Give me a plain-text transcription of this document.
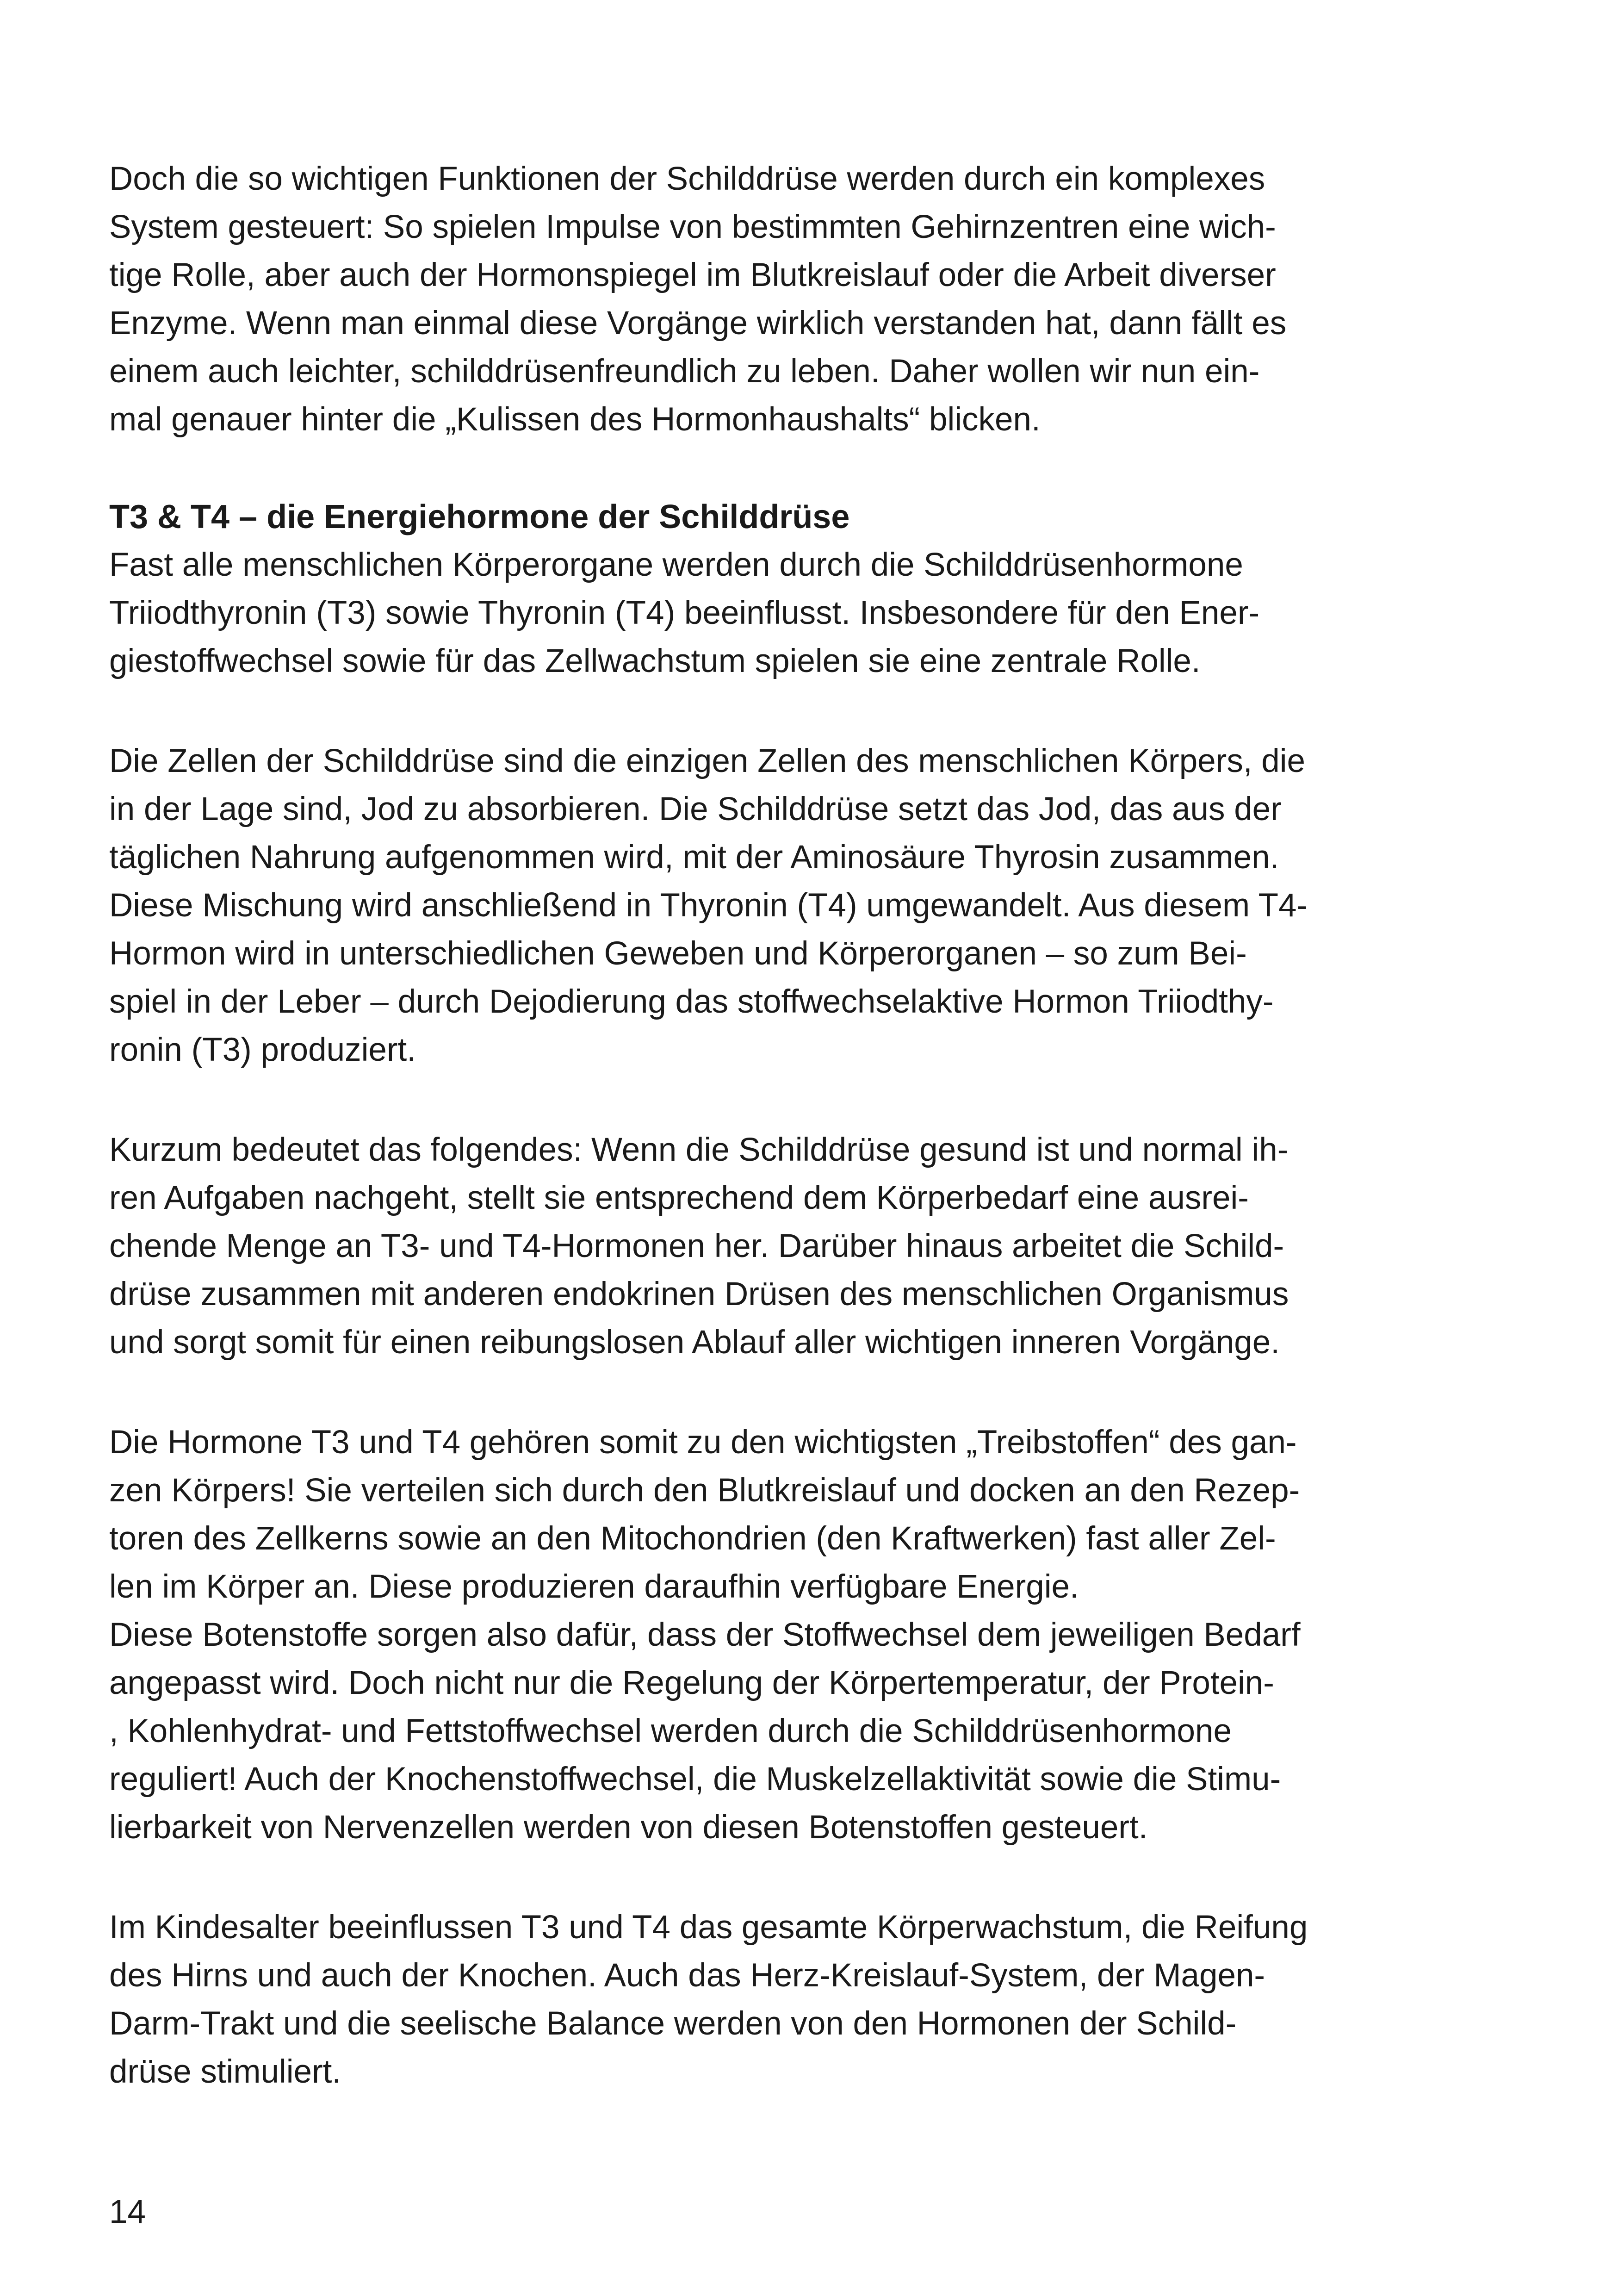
Doch die so wichtigen Funktionen der Schilddrüse werden durch ein komplexes
System gesteuert: So spielen Impulse von bestimmten Gehirnzentren eine wich-
tige Rolle, aber auch der Hormonspiegel im Blutkreislauf oder die Arbeit diverser
Enzyme. Wenn man einmal diese Vorgänge wirklich verstanden hat, dann fällt es
einem auch leichter, schilddrüsenfreundlich zu leben. Daher wollen wir nun ein-
mal genauer hinter die „Kulissen des Hormonhaushalts“ blicken.

T3 & T4 – die Energiehormone der Schilddrüse

Fast alle menschlichen Körperorgane werden durch die Schilddrüsenhormone
Triiodthyronin (T3) sowie Thyronin (T4) beeinflusst. Insbesondere für den Ener-
giestoffwechsel sowie für das Zellwachstum spielen sie eine zentrale Rolle.

Die Zellen der Schilddrüse sind die einzigen Zellen des menschlichen Körpers, die
in der Lage sind, Jod zu absorbieren. Die Schilddrüse setzt das Jod, das aus der
täglichen Nahrung aufgenommen wird, mit der Aminosäure Thyrosin zusammen.
Diese Mischung wird anschließend in Thyronin (T4) umgewandelt. Aus diesem T4-
Hormon wird in unterschiedlichen Geweben und Körperorganen – so zum Bei-
spiel in der Leber – durch Dejodierung das stoffwechselaktive Hormon Triiodthy-
ronin (T3) produziert.

Kurzum bedeutet das folgendes: Wenn die Schilddrüse gesund ist und normal ih-
ren Aufgaben nachgeht, stellt sie entsprechend dem Körperbedarf eine ausrei-
chende Menge an T3- und T4-Hormonen her. Darüber hinaus arbeitet die Schild-
drüse zusammen mit anderen endokrinen Drüsen des menschlichen Organismus
und sorgt somit für einen reibungslosen Ablauf aller wichtigen inneren Vorgänge.

Die Hormone T3 und T4 gehören somit zu den wichtigsten „Treibstoffen“ des gan-
zen Körpers! Sie verteilen sich durch den Blutkreislauf und docken an den Rezep-
toren des Zellkerns sowie an den Mitochondrien (den Kraftwerken) fast aller Zel-
len im Körper an. Diese produzieren daraufhin verfügbare Energie.
Diese Botenstoffe sorgen also dafür, dass der Stoffwechsel dem jeweiligen Bedarf
angepasst wird. Doch nicht nur die Regelung der Körpertemperatur, der Protein-
, Kohlenhydrat- und Fettstoffwechsel werden durch die Schilddrüsenhormone
reguliert! Auch der Knochenstoffwechsel, die Muskelzellaktivität sowie die Stimu-
lierbarkeit von Nervenzellen werden von diesen Botenstoffen gesteuert.

Im Kindesalter beeinflussen T3 und T4 das gesamte Körperwachstum, die Reifung
des Hirns und auch der Knochen. Auch das Herz-Kreislauf-System, der Magen-
Darm-Trakt und die seelische Balance werden von den Hormonen der Schild-
drüse stimuliert.

14
